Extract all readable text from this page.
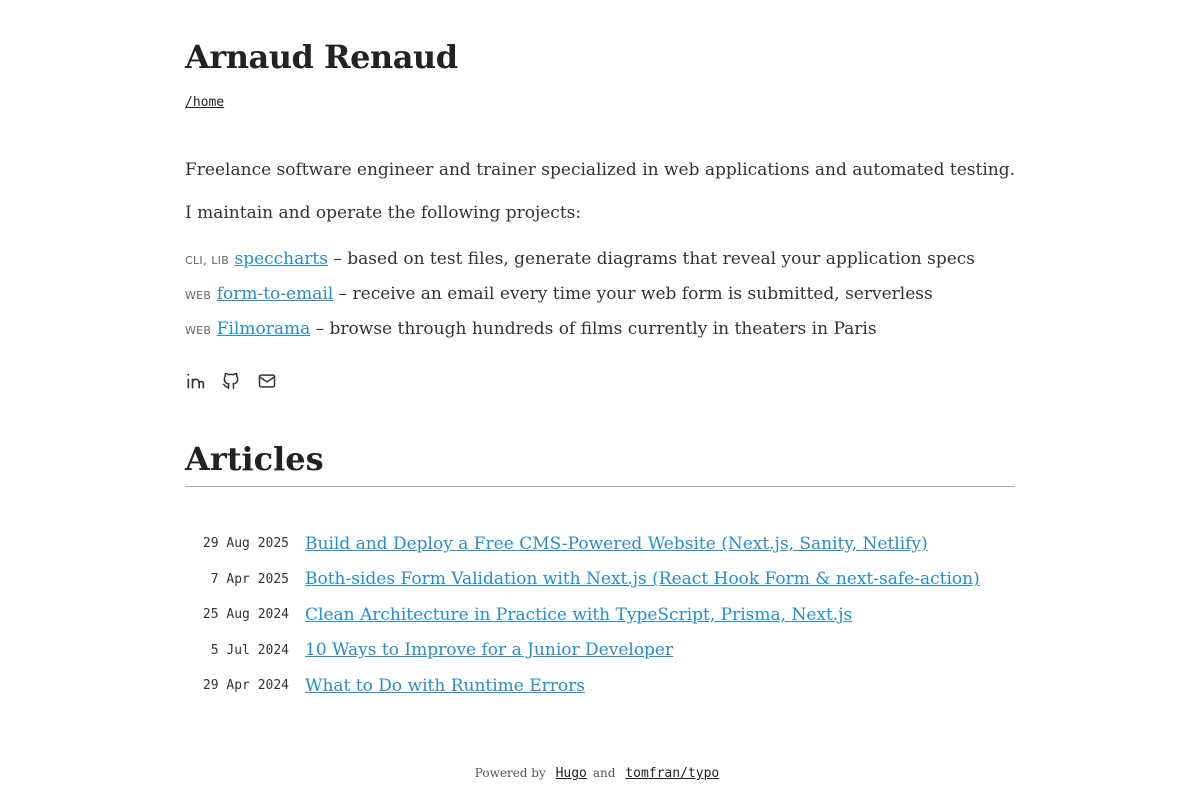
Arnaud Renaud
/home

Freelance software engineer and trainer specialized in web applications and automated testing.

I maintain and operate the following projects:

CLI, LIB speccharts – based on test files, generate diagrams that reveal your application specs
WEB form-to-email – receive an email every time your web form is submitted, serverless
WEB Filmorama – browse through hundreds of films currently in theaters in Paris
Articles
29 Aug 2025 Build and Deploy a Free CMS-Powered Website (Next.js, Sanity, Netlify)
7 Apr 2025 Both-sides Form Validation with Next.js (React Hook Form & next-safe-action)
25 Aug 2024 Clean Architecture in Practice with TypeScript, Prisma, Next.js
5 Jul 2024 10 Ways to Improve for a Junior Developer
29 Apr 2024 What to Do with Runtime Errors
Powered by Hugo and tomfran/typo
